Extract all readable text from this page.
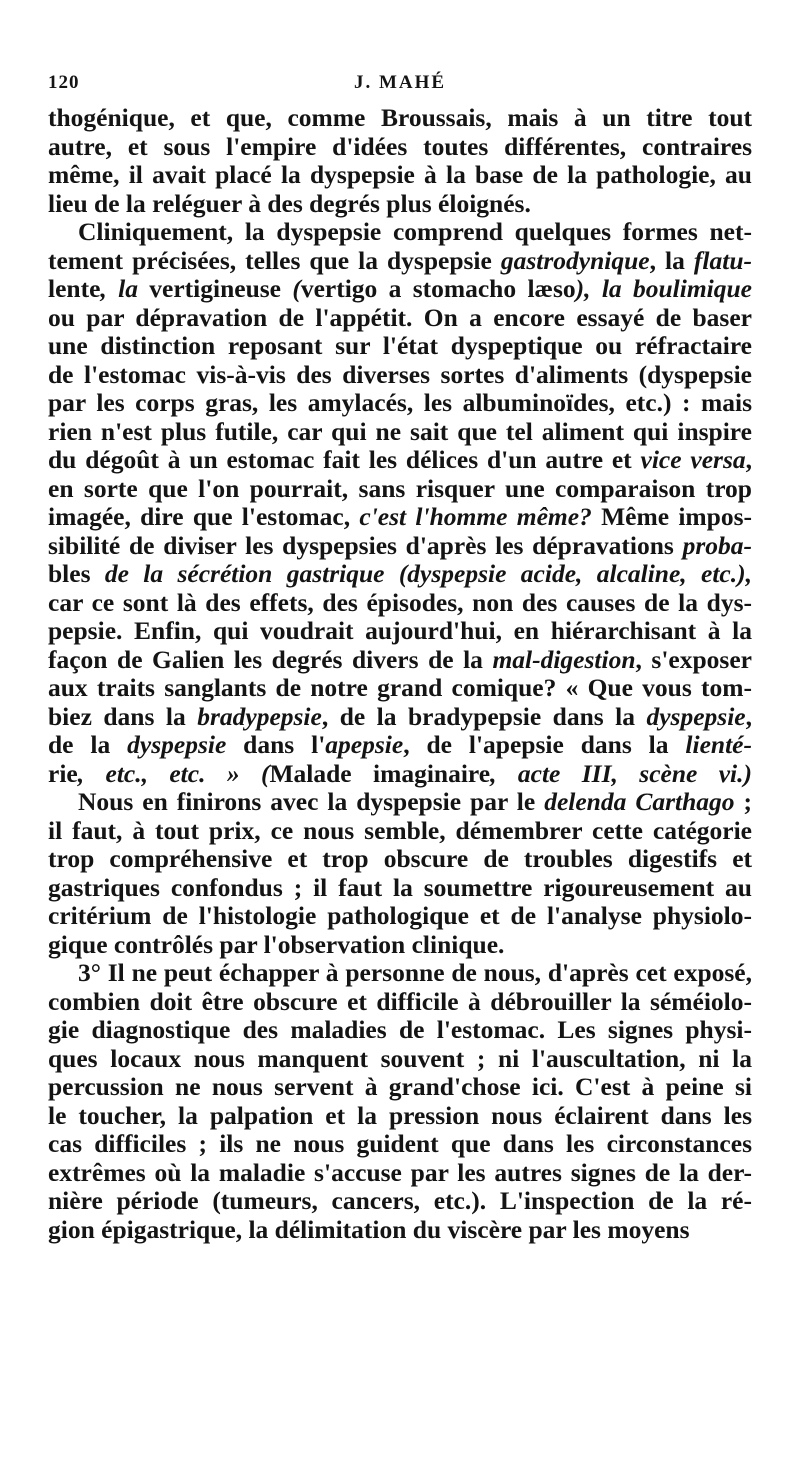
120	J. MAHÉ
thogénique, et que, comme Broussais, mais à un titre tout
autre, et sous l'empire d'idées toutes différentes, contraires
même, il avait placé la dyspepsie à la base de la pathologie, au
lieu de la reléguer à des degrés plus éloignés.
Cliniquement, la dyspepsie comprend quelques formes net-
tement précisées, telles que la dyspepsie gastrodynique, la flatu-
lente, la vertigineuse (vertigo a stomacho læso), la boulimique
ou par dépravation de l'appétit. On a encore essayé de baser
une distinction reposant sur l'état dyspeptique ou réfractaire
de l'estomac vis-à-vis des diverses sortes d'aliments (dyspepsie
par les corps gras, les amylacés, les albuminoïdes, etc.) : mais
rien n'est plus futile, car qui ne sait que tel aliment qui inspire
du dégoût à un estomac fait les délices d'un autre et vice versa,
en sorte que l'on pourrait, sans risquer une comparaison trop
imagée, dire que l'estomac, c'est l'homme même? Même impos-
sibilité de diviser les dyspepsies d'après les dépravations proba-
bles de la sécrétion gastrique (dyspepsie acide, alcaline, etc.),
car ce sont là des effets, des épisodes, non des causes de la dys-
pepsie. Enfin, qui voudrait aujourd'hui, en hiérarchisant à la
façon de Galien les degrés divers de la mal-digestion, s'exposer
aux traits sanglants de notre grand comique? « Que vous tom-
biez dans la bradypepsie, de la bradypepsie dans la dyspepsie,
de la dyspepsie dans l'apepsie, de l'apepsie dans la lienté-
rie, etc., etc. » (Malade imaginaire, acte III, scène vi.)
Nous en finirons avec la dyspepsie par le delenda Carthago ;
il faut, à tout prix, ce nous semble, démembrer cette catégorie
trop compréhensive et trop obscure de troubles digestifs et
gastriques confondus ; il faut la soumettre rigoureusement au
critérium de l'histologie pathologique et de l'analyse physiolo-
gique contrôlés par l'observation clinique.
3° Il ne peut échapper à personne de nous, d'après cet exposé,
combien doit être obscure et difficile à débrouiller la séméiolo-
gie diagnostique des maladies de l'estomac. Les signes physi-
ques locaux nous manquent souvent ; ni l'auscultation, ni la
percussion ne nous servent à grand'chose ici. C'est à peine si
le toucher, la palpation et la pression nous éclairent dans les
cas difficiles ; ils ne nous guident que dans les circonstances
extrêmes où la maladie s'accuse par les autres signes de la der-
nière période (tumeurs, cancers, etc.). L'inspection de la ré-
gion épigastrique, la délimitation du viscère par les moyens
